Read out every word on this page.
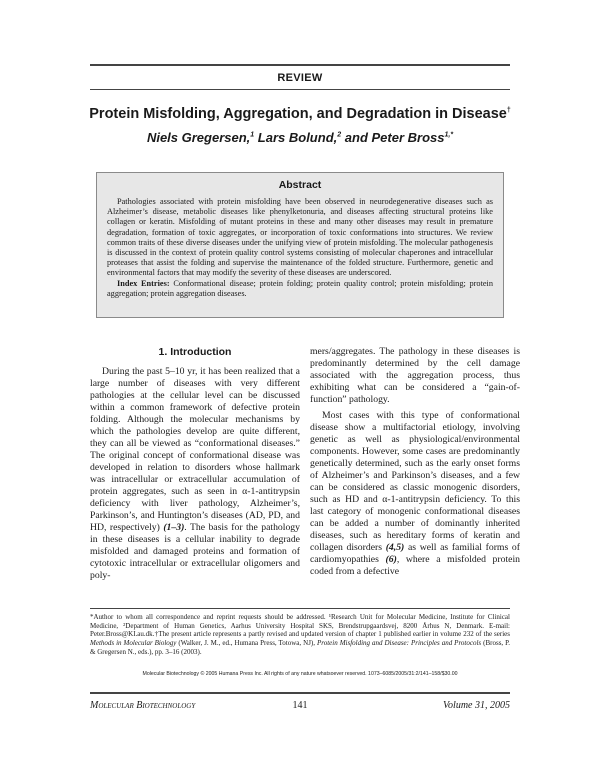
REVIEW
Protein Misfolding, Aggregation, and Degradation in Disease†
Niels Gregersen,$^1$ Lars Bolund,$^2$ and Peter Bross$^{1,*}$
Abstract

Pathologies associated with protein misfolding have been observed in neurodegenerative diseases such as Alzheimer’s disease, metabolic diseases like phenylketonuria, and diseases affecting structural proteins like collagen or keratin. Misfolding of mutant proteins in these and many other diseases may result in premature degradation, formation of toxic aggregates, or incorporation of toxic conformations into structures. We review common traits of these diverse diseases under the unifying view of protein misfolding. The molecular pathogenesis is discussed in the context of protein quality control systems consisting of molecular chaperones and intracellular proteases that assist the folding and supervise the maintenance of the folded structure. Furthermore, genetic and environmental factors that may modify the severity of these diseases are underscored.

Index Entries: Conformational disease; protein folding; protein quality control; protein misfolding; protein aggregation; protein aggregation diseases.

1. Introduction

During the past 5–10 yr, it has been realized that a large number of diseases with very different pathologies at the cellular level can be discussed within a common framework of defective protein folding. Although the molecular mechanisms by which the pathologies develop are quite different, they can all be viewed as “conformational diseases.” The original concept of conformational disease was developed in relation to disorders whose hallmark was intracellular or extracellular accumulation of protein aggregates, such as seen in α-1-antitrypsin deficiency with liver pathology, Alzheimer’s, Parkinson’s, and Huntington’s diseases (AD, PD, and HD, respectively) (1–3). The basis for the pathology in these diseases is a cellular inability to degrade misfolded and damaged proteins and formation of cytotoxic intracellular or extracellular oligomers and poly-

mers/aggregates. The pathology in these diseases is predominantly determined by the cell damage associated with the aggregation process, thus exhibiting what can be considered a “gain-of-function” pathology.

Most cases with this type of conformational disease show a multifactorial etiology, involving genetic as well as physiological/environmental components. However, some cases are predominantly genetically determined, such as the early onset forms of Alzheimer’s and Parkinson’s diseases, and a few can be considered as classic monogenic disorders, such as HD and α-1-antitrypsin deficiency. To this last category of monogenic conformational diseases can be added a number of dominantly inherited diseases, such as hereditary forms of keratin and collagen disorders (4,5) as well as familial forms of cardiomyopathies (6), where a misfolded protein coded from a defective

*Author to whom all correspondence and reprint requests should be addressed. ¹Research Unit for Molecular Medicine, Institute for Clinical Medicine, ²Department of Human Genetics, Aarhus University Hospital SKS, Brendstrupgaardsvej, 8200 Århus N, Denmark. E-mail: Peter.Bross@KI.au.dk.†The present article represents a partly revised and updated version of chapter 1 published earlier in volume 232 of the series Methods in Molecular Biology (Walker, J. M., ed., Humana Press, Totowa, NJ), Protein Misfolding and Disease: Principles and Protocols (Bross, P. & Gregersen N., eds.), pp. 3–16 (2003).
Molecular Biotechnology © 2005 Humana Press Inc. All rights of any nature whatsoever reserved. 1073–6085/2005/31:2/141–158/$30.00
Molecular Biotechnology	141	Volume 31, 2005
